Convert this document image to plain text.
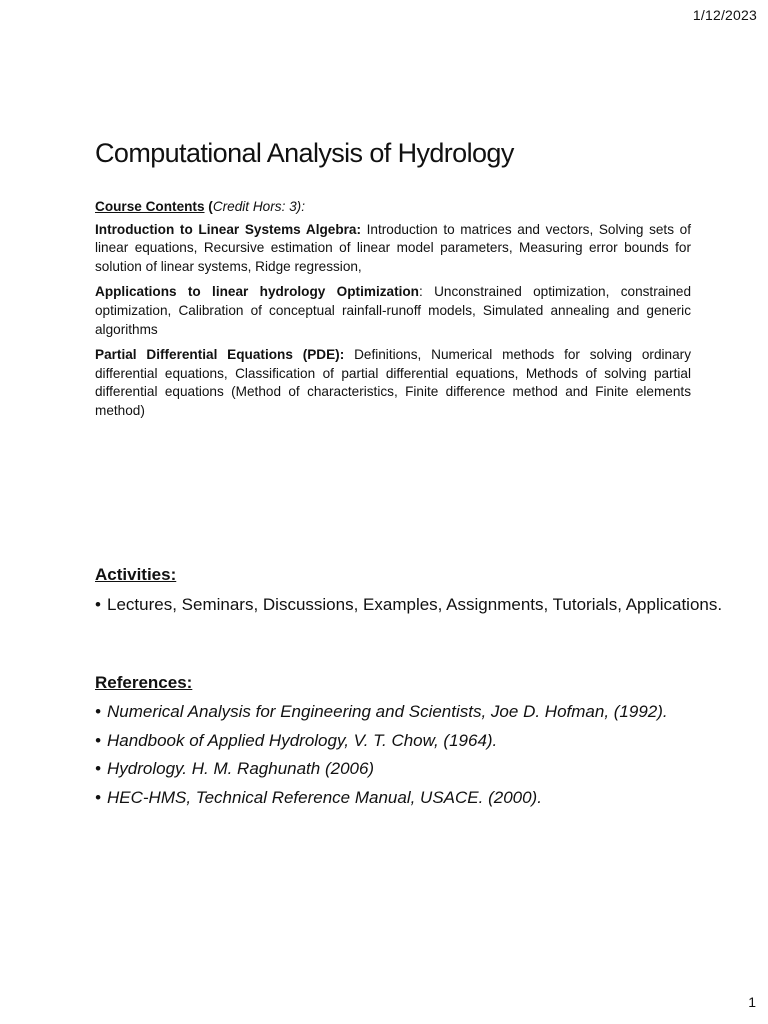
1/12/2023
Computational Analysis of Hydrology

Course Contents (Credit Hors: 3):

Introduction to Linear Systems Algebra: Introduction to matrices and vectors, Solving sets of linear equations, Recursive estimation of linear model parameters, Measuring error bounds for solution of linear systems, Ridge regression,

Applications to linear hydrology Optimization: Unconstrained optimization, constrained optimization, Calibration of conceptual rainfall-runoff models, Simulated annealing and generic algorithms

Partial Differential Equations (PDE): Definitions, Numerical methods for solving ordinary differential equations, Classification of partial differential equations, Methods of solving partial differential equations (Method of characteristics, Finite difference method and Finite elements method)

Activities:
• Lectures, Seminars, Discussions, Examples, Assignments, Tutorials, Applications.
References:
• Numerical Analysis for Engineering and Scientists, Joe D. Hofman, (1992).
• Handbook of Applied Hydrology, V. T. Chow, (1964).
• Hydrology. H. M. Raghunath (2006)
• HEC-HMS, Technical Reference Manual, USACE. (2000).
1
